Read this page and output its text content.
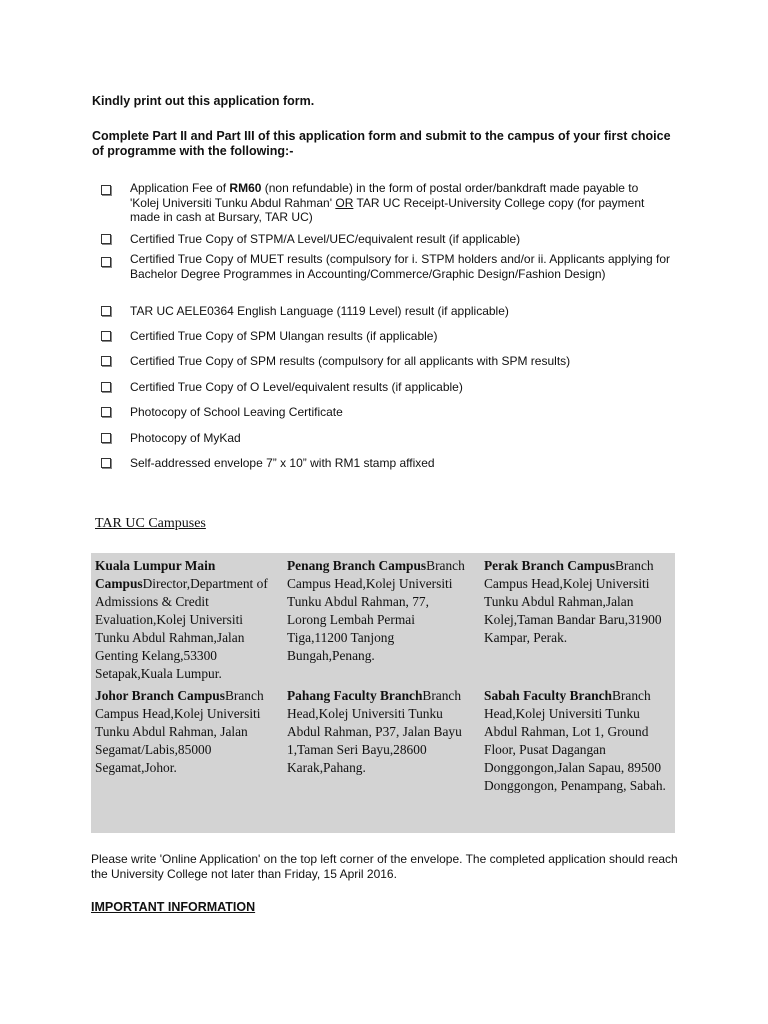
Kindly print out this application form.
Complete Part II and Part III of this application form and submit to the campus of your first choice of programme with the following:-
Application Fee of RM60 (non refundable) in the form of postal order/bankdraft made payable to 'Kolej Universiti Tunku Abdul Rahman' OR TAR UC Receipt-University College copy (for payment made in cash at Bursary, TAR UC)
Certified True Copy of STPM/A Level/UEC/equivalent result (if applicable)
Certified True Copy of MUET results (compulsory for i. STPM holders and/or ii. Applicants applying for Bachelor Degree Programmes in Accounting/Commerce/Graphic Design/Fashion Design)
TAR UC AELE0364 English Language (1119 Level) result (if applicable)
Certified True Copy of SPM Ulangan results (if applicable)
Certified True Copy of SPM results (compulsory for all applicants with SPM results)
Certified True Copy of O Level/equivalent results (if applicable)
Photocopy of School Leaving Certificate
Photocopy of MyKad
Self-addressed envelope 7” x 10” with RM1 stamp affixed
TAR UC Campuses
Kuala Lumpur Main CampusDirector,Department of Admissions & Credit Evaluation,Kolej Universiti Tunku Abdul Rahman,Jalan Genting Kelang,53300 Setapak,Kuala Lumpur.
Penang Branch CampusBranch Campus Head,Kolej Universiti Tunku Abdul Rahman, 77, Lorong Lembah Permai Tiga,11200 Tanjong Bungah,Penang.
Perak Branch CampusBranch Campus Head,Kolej Universiti Tunku Abdul Rahman,Jalan Kolej,Taman Bandar Baru,31900 Kampar, Perak.
Johor Branch CampusBranch Campus Head,Kolej Universiti Tunku Abdul Rahman, Jalan Segamat/Labis,85000 Segamat,Johor.
Pahang Faculty BranchBranch Head,Kolej Universiti Tunku Abdul Rahman, P37, Jalan Bayu 1,Taman Seri Bayu,28600 Karak,Pahang.
Sabah Faculty BranchBranch Head,Kolej Universiti Tunku Abdul Rahman, Lot 1, Ground Floor, Pusat Dagangan Donggongon,Jalan Sapau, 89500 Donggongon, Penampang, Sabah.
Please write 'Online Application' on the top left corner of the envelope. The completed application should reach the University College not later than Friday, 15 April 2016.
IMPORTANT INFORMATION
